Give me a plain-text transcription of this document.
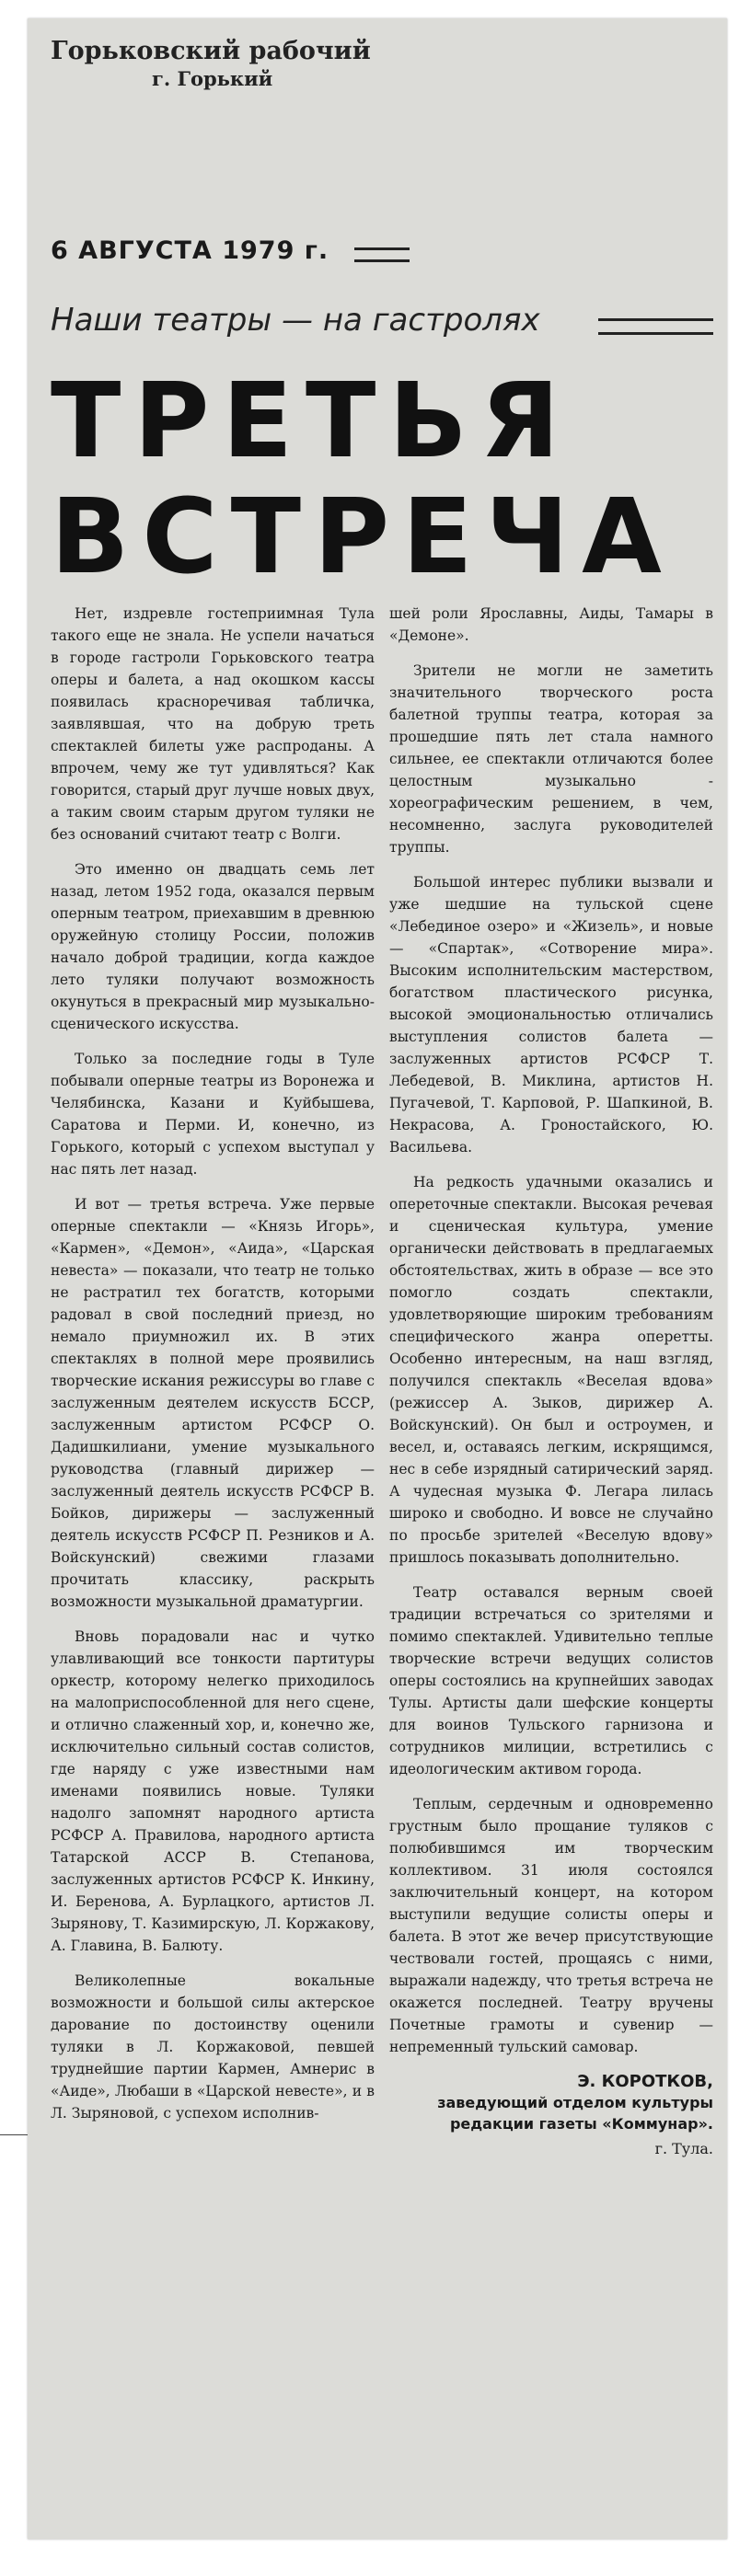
Горьковский рабочий
г. Горький
6 АВГУСТА 1979 г.
Наши театры — на гастролях
ТРЕТЬЯ
ВСТРЕЧА

Нет, издревле гостеприимная Тула такого еще не знала. Не успели начаться в городе гастроли Горьковского театра оперы и балета, а над окошком кассы появилась красноречивая табличка, заявлявшая, что на добрую треть спектаклей билеты уже распроданы. А впрочем, чему же тут удивляться? Как говорится, старый друг лучше новых двух, а таким своим старым другом туляки не без оснований считают театр с Волги.

Это именно он двадцать семь лет назад, летом 1952 года, оказался первым оперным театром, приехавшим в древнюю оружейную столицу России, положив начало доброй традиции, когда каждое лето туляки получают возможность окунуться в прекрасный мир музыкально-сценического искусства.

Только за последние годы в Туле побывали оперные театры из Воронежа и Челябинска, Казани и Куйбышева, Саратова и Перми. И, конечно, из Горького, который с успехом выступал у нас пять лет назад.

И вот — третья встреча. Уже первые оперные спектакли — «Князь Игорь», «Кармен», «Демон», «Аида», «Царская невеста» — показали, что театр не только не растратил тех богатств, которыми радовал в свой последний приезд, но немало приумножил их. В этих спектаклях в полной мере проявились творческие искания режиссуры во главе с заслуженным деятелем искусств БССР, заслуженным артистом РСФСР О. Дадишкилиани, умение музыкального руководства (главный дирижер — заслуженный деятель искусств РСФСР В. Бойков, дирижеры — заслуженный деятель искусств РСФСР П. Резников и А. Войскунский) свежими глазами прочитать классику, раскрыть возможности музыкальной драматургии.

Вновь порадовали нас и чутко улавливающий все тонкости партитуры оркестр, которому нелегко приходилось на малоприспособленной для него сцене, и отлично слаженный хор, и, конечно же, исключительно сильный состав солистов, где наряду с уже известными нам именами появились новые. Туляки надолго запомнят народного артиста РСФСР А. Правилова, народного артиста Татарской АССР В. Степанова, заслуженных артистов РСФСР К. Инкину, И. Беренова, А. Бурлацкого, артистов Л. Зырянову, Т. Казимирскую, Л. Коржакову, А. Главина, В. Балюту.

Великолепные вокальные возможности и большой силы актерское дарование по достоинству оценили туляки в Л. Коржаковой, певшей труднейшие партии Кармен, Амнерис в «Аиде», Любаши в «Царской невесте», и в Л. Зыряновой, с успехом исполнив-

шей роли Ярославны, Аиды, Тамары в «Демоне».

Зрители не могли не заметить значительного творческого роста балетной труппы театра, которая за прошедшие пять лет стала намного сильнее, ее спектакли отличаются более целостным музыкально - хореографическим решением, в чем, несомненно, заслуга руководителей труппы.

Большой интерес публики вызвали и уже шедшие на тульской сцене «Лебединое озеро» и «Жизель», и новые — «Спартак», «Сотворение мира». Высоким исполнительским мастерством, богатством пластического рисунка, высокой эмоциональностью отличались выступления солистов балета — заслуженных артистов РСФСР Т. Лебедевой, В. Миклина, артистов Н. Пугачевой, Т. Карповой, Р. Шапкиной, В. Некрасова, А. Гроностайского, Ю. Васильева.

На редкость удачными оказались и опереточные спектакли. Высокая речевая и сценическая культура, умение органически действовать в предлагаемых обстоятельствах, жить в образе — все это помогло создать спектакли, удовлетворяющие широким требованиям специфического жанра оперетты. Особенно интересным, на наш взгляд, получился спектакль «Веселая вдова» (режиссер А. Зыков, дирижер А. Войскунский). Он был и остроумен, и весел, и, оставаясь легким, искрящимся, нес в себе изрядный сатирический заряд. А чудесная музыка Ф. Легара лилась широко и свободно. И вовсе не случайно по просьбе зрителей «Веселую вдову» пришлось показывать дополнительно.

Театр оставался верным своей традиции встречаться со зрителями и помимо спектаклей. Удивительно теплые творческие встречи ведущих солистов оперы состоялись на крупнейших заводах Тулы. Артисты дали шефские концерты для воинов Тульского гарнизона и сотрудников милиции, встретились с идеологическим активом города.

Теплым, сердечным и одновременно грустным было прощание туляков с полюбившимся им творческим коллективом. 31 июля состоялся заключительный концерт, на котором выступили ведущие солисты оперы и балета. В этот же вечер присутствующие чествовали гостей, прощаясь с ними, выражали надежду, что третья встреча не окажется последней. Театру вручены Почетные грамоты и сувенир — непременный тульский самовар.

Э. КОРОТКОВ,
заведующий отделом культуры редакции газеты «Коммунар».
г. Тула.
